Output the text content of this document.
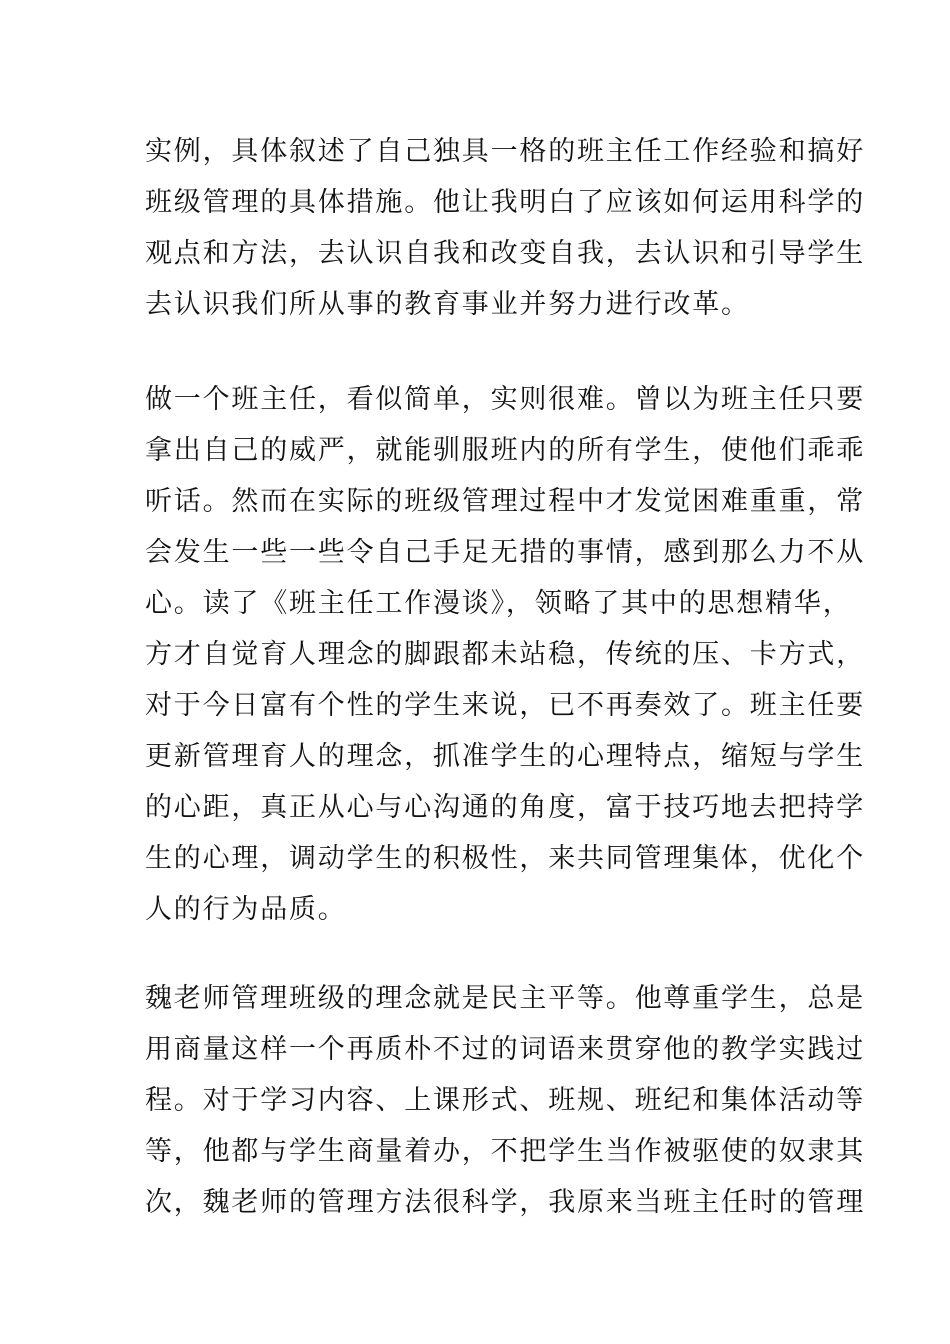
实例，具体叙述了自己独具一格的班主任工作经验和搞好
班级管理的具体措施。他让我明白了应该如何运用科学的
观点和方法，去认识自我和改变自我，去认识和引导学生
去认识我们所从事的教育事业并努力进行改革。

做一个班主任，看似简单，实则很难。曾以为班主任只要
拿出自己的威严，就能驯服班内的所有学生，使他们乖乖
听话。然而在实际的班级管理过程中才发觉困难重重，常
会发生一些一些令自己手足无措的事情，感到那么力不从
心。读了《班主任工作漫谈》，领略了其中的思想精华，
方才自觉育人理念的脚跟都未站稳，传统的压、卡方式，
对于今日富有个性的学生来说，已不再奏效了。班主任要
更新管理育人的理念，抓准学生的心理特点，缩短与学生
的心距，真正从心与心沟通的角度，富于技巧地去把持学
生的心理，调动学生的积极性，来共同管理集体，优化个
人的行为品质。

魏老师管理班级的理念就是民主平等。他尊重学生，总是
用商量这样一个再质朴不过的词语来贯穿他的教学实践过
程。对于学习内容、上课形式、班规、班纪和集体活动等
等，他都与学生商量着办，不把学生当作被驱使的奴隶其
次，魏老师的管理方法很科学，我原来当班主任时的管理
